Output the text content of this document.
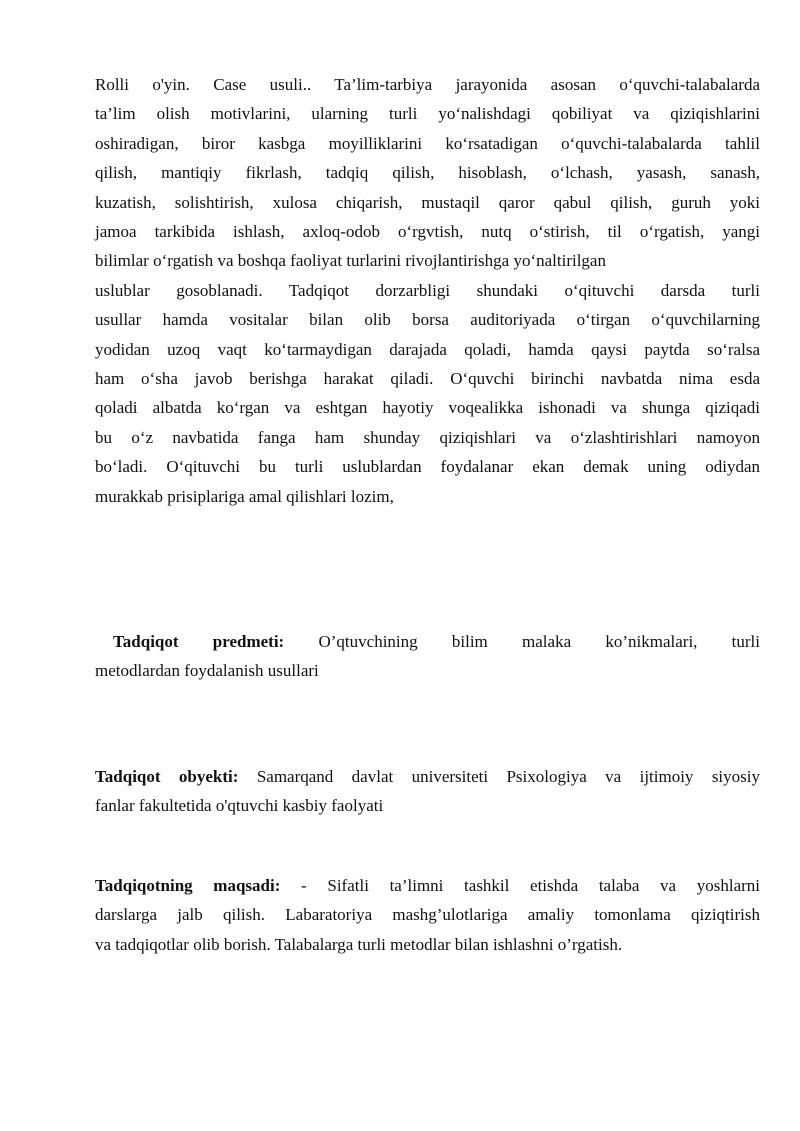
Rolli o'yin. Case usuli.. Ta’lim-tarbiya jarayonida asosan o‘quvchi-talabalarda
ta’lim olish motivlarini, ularning turli yo‘nalishdagi qobiliyat va qiziqishlarini
oshiradigan, biror kasbga moyilliklarini ko‘rsatadigan o‘quvchi-talabalarda tahlil
qilish, mantiqiy fikrlash, tadqiq qilish, hisoblash, o‘lchash, yasash, sanash,
kuzatish, solishtirish, xulosa chiqarish, mustaqil qaror qabul qilish, guruh yoki
jamoa tarkibida ishlash, axloq-odob o‘rgvtish, nutq o‘stirish, til o‘rgatish, yangi
bilimlar o‘rgatish va boshqa faoliyat turlarini rivojlantirishga yo‘naltirilgan
uslublar gosoblanadi. Tadqiqot dorzarbligi shundaki o‘qituvchi darsda turli
usullar hamda vositalar bilan olib borsa auditoriyada o‘tirgan o‘quvchilarning
yodidan uzoq vaqt ko‘tarmaydigan darajada qoladi, hamda qaysi paytda so‘ralsa
ham o‘sha javob berishga harakat qiladi. O‘quvchi birinchi navbatda nima esda
qoladi albatda ko‘rgan va eshtgan hayotiy voqealikka ishonadi va shunga qiziqadi
bu o‘z navbatida fanga ham shunday qiziqishlari va o‘zlashtirishlari namoyon
bo‘ladi. O‘qituvchi bu turli uslublardan foydalanar ekan demak uning odiydan
murakkab prisiplariga amal qilishlari lozim,
Tadqiqot predmeti: O’qtuvchining bilim malaka ko’nikmalari, turli
metodlardan foydalanish usullari
Tadqiqot obyekti: Samarqand davlat universiteti Psixologiya va ijtimoiy siyosiy
fanlar fakultetida o'qtuvchi kasbiy faolyati
Tadqiqotning maqsadi: - Sifatli ta’limni tashkil etishda talaba va yoshlarni
darslarga jalb qilish. Labaratoriya mashg’ulotlariga amaliy tomonlama qiziqtirish
va tadqiqotlar olib borish. Talabalarga turli metodlar bilan ishlashni o’rgatish.
